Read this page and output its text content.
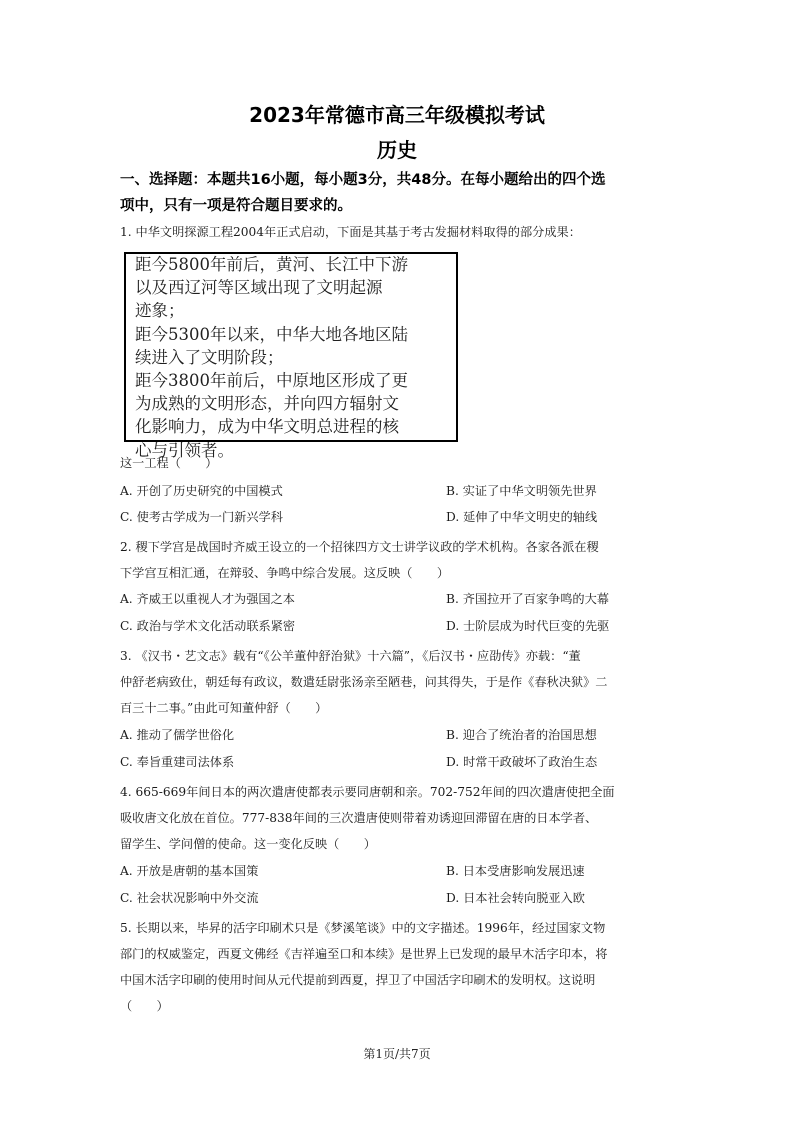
2023年常德市高三年级模拟考试
历史
一、选择题：本题共16小题，每小题3分，共48分。在每小题给出的四个选
项中，只有一项是符合题目要求的。
1. 中华文明探源工程2004年正式启动，下面是其基于考古发掘材料取得的部分成果：
距今5800年前后，黄河、长江中下游
以及西辽河等区域出现了文明起源
迹象；
距今5300年以来，中华大地各地区陆
续进入了文明阶段；
距今3800年前后，中原地区形成了更
为成熟的文明形态，并向四方辐射文
化影响力，成为中华文明总进程的核
心与引领者。
这一工程（　　）
A. 开创了历史研究的中国模式	B. 实证了中华文明领先世界
C. 使考古学成为一门新兴学科	D. 延伸了中华文明史的轴线
2. 稷下学宫是战国时齐威王设立的一个招徕四方文士讲学议政的学术机构。各家各派在稷
下学宫互相汇通，在辩驳、争鸣中综合发展。这反映（　　）
A. 齐威王以重视人才为强国之本	B. 齐国拉开了百家争鸣的大幕
C. 政治与学术文化活动联系紧密	D. 士阶层成为时代巨变的先驱
3. 《汉书・艺文志》载有“《公羊董仲舒治狱》十六篇”，《后汉书・应劭传》亦载：“董
仲舒老病致仕，朝廷每有政议，数遣廷尉张汤亲至陋巷，问其得失，于是作《春秋决狱》二
百三十二事。”由此可知董仲舒（　　）
A. 推动了儒学世俗化	B. 迎合了统治者的治国思想
C. 奉旨重建司法体系	D. 时常干政破坏了政治生态
4. 665-669年间日本的两次遣唐使都表示要同唐朝和亲。702-752年间的四次遣唐使把全面
吸收唐文化放在首位。777-838年间的三次遣唐使则带着劝诱迎回滞留在唐的日本学者、
留学生、学问僧的使命。这一变化反映（　　）
A. 开放是唐朝的基本国策	B. 日本受唐影响发展迅速
C. 社会状况影响中外交流	D. 日本社会转向脱亚入欧
5. 长期以来，毕昇的活字印刷术只是《梦溪笔谈》中的文字描述。1996年，经过国家文物
部门的权威鉴定，西夏文佛经《吉祥遍至口和本续》是世界上已发现的最早木活字印本，将
中国木活字印刷的使用时间从元代提前到西夏，捍卫了中国活字印刷术的发明权。这说明
（　　）
第1页/共7页
